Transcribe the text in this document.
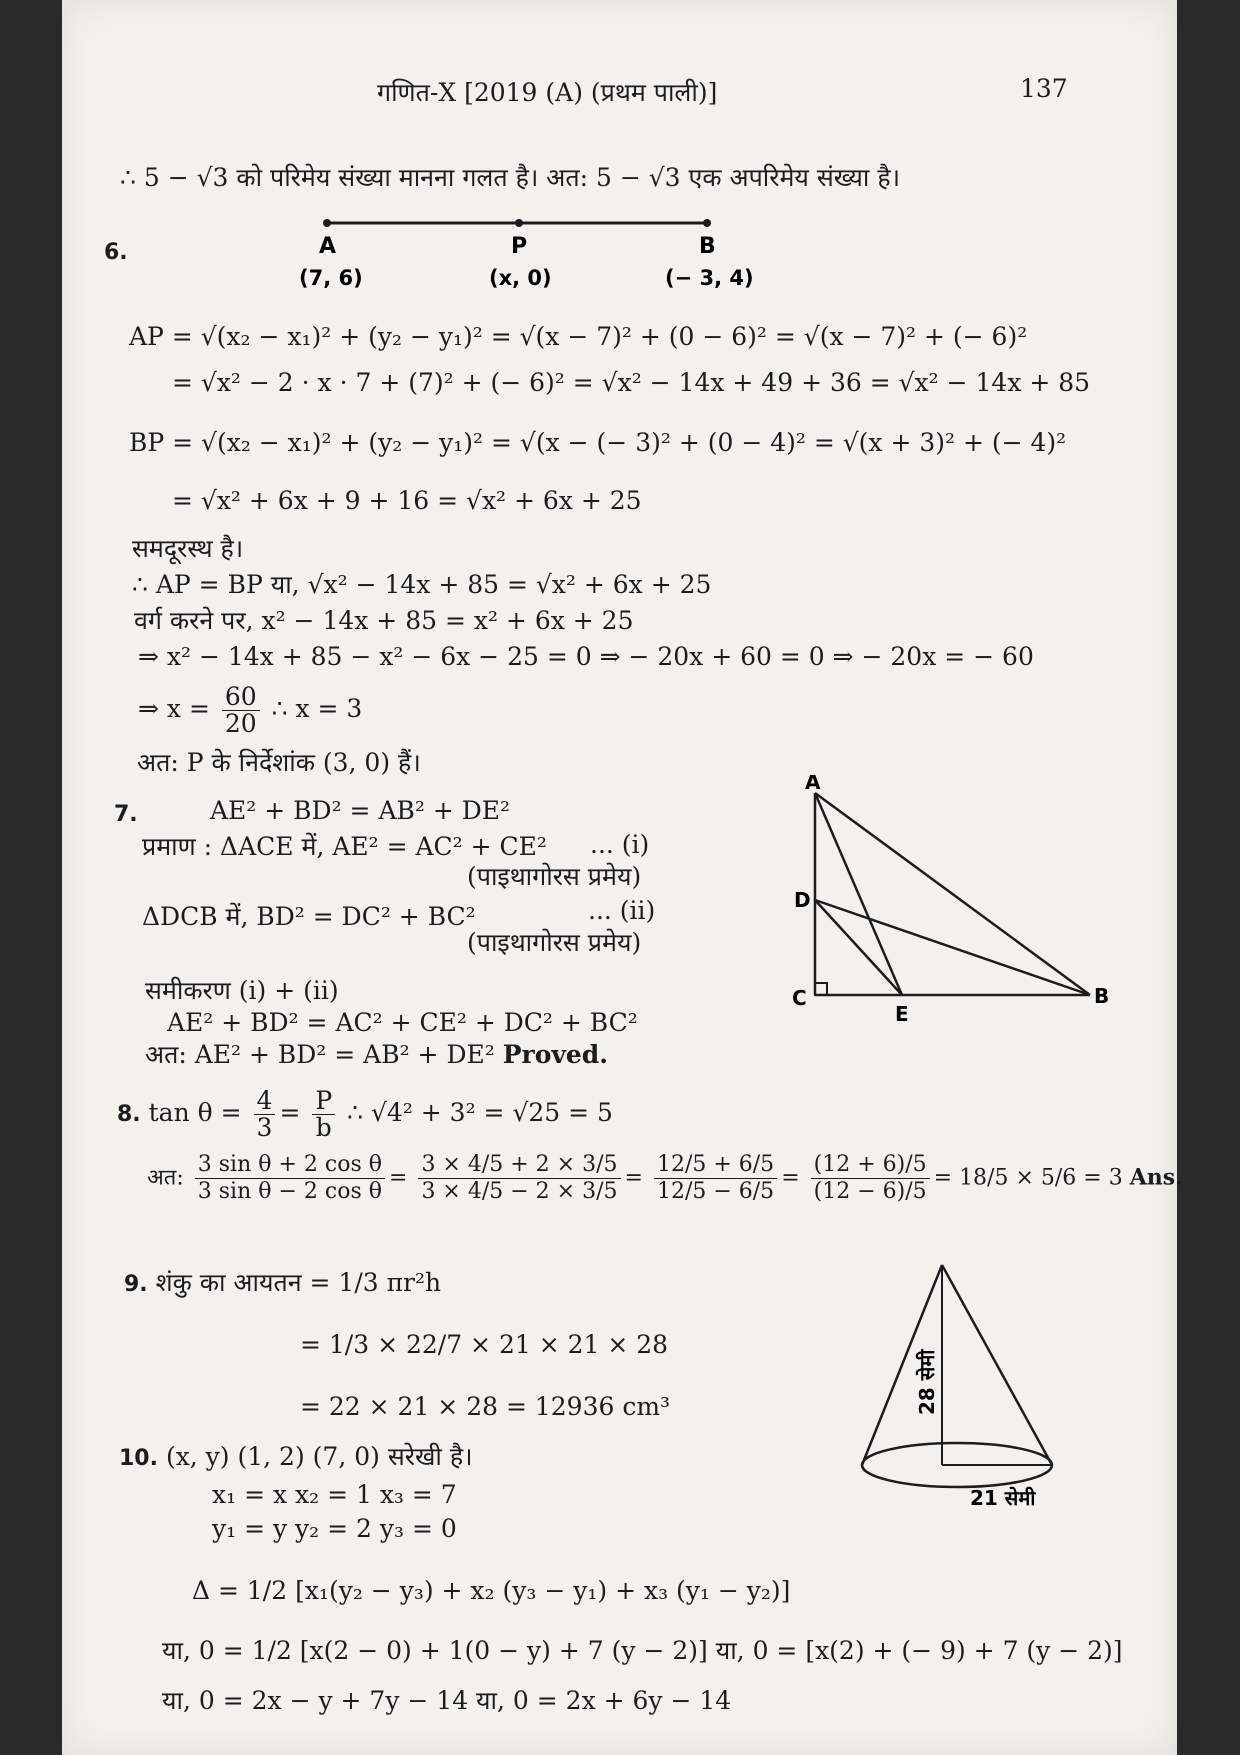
गणित-X [2019 (A) (प्रथम पाली)]	137
∴ 5 − √3 को परिमेय संख्या मानना गलत है। अत: 5 − √3 एक अपरिमेय संख्या है।
6.	A	P	B
(7, 6)	(x, 0)	(− 3, 4)
AP = √(x₂ − x₁)² + (y₂ − y₁)² = √(x − 7)² + (0 − 6)² = √(x − 7)² + (− 6)²
= √x² − 2 · x · 7 + (7)² + (− 6)² = √x² − 14x + 49 + 36 = √x² − 14x + 85
BP = √(x₂ − x₁)² + (y₂ − y₁)² = √(x − (− 3)² + (0 − 4)² = √(x + 3)² + (− 4)²
= √x² + 6x + 9 + 16 = √x² + 6x + 25
समदूरस्थ है।
∴ AP = BP या, √x² − 14x + 85 = √x² + 6x + 25
वर्ग करने पर, x² − 14x + 85 = x² + 6x + 25
⇒ x² − 14x + 85 − x² − 6x − 25 = 0 ⇒ − 20x + 60 = 0 ⇒ − 20x = − 60
⇒ $x = \frac{60}{20}$ ∴ x = 3
अत: P के निर्देशांक (3, 0) हैं।
7.	AE² + BD² = AB² + DE²
प्रमाण : ΔACE में, AE² = AC² + CE² ... (i)
(पाइथागोरस प्रमेय)
ΔDCB में, BD² = DC² + BC²	... (ii)
(पाइथागोरस प्रमेय)
समीकरण (i) + (ii)
AE² + BD² = AC² + CE² + DC² + BC²
अत: AE² + BD² = AB² + DE² Proved.
A
D
C
E
B
8. $\tan \theta = \frac{4}{3} = \frac{P}{b}$ ∴ √4² + 3² = √25 = 5
अत: $\frac{\text{3 sin θ + 2 cos θ}}{\text{3 sin θ − 2 cos θ}} = \frac{3 \times 4/5 + 2 \times 3/5}{3 \times 4/5 - 2 \times 3/5} = \frac{12/5 + 6/5}{12/5 - 6/5} = \frac{(12 + 6)/5}{(12 - 6)/5} = 18/5 \times 5/6 = 3$ Ans.
9. शंकु का आयतन = 1/3 πr²h
= 1/3 × 22/7 × 21 × 21 × 28
= 22 × 21 × 28 = 12936 cm³	28 सेमी
21 सेमी
10. (x, y) (1, 2) (7, 0) सरेखी है।
x₁ = x x₂ = 1 x₃ = 7
y₁ = y y₂ = 2 y₃ = 0
Δ = 1/2 [x₁(y₂ − y₃) + x₂ (y₃ − y₁) + x₃ (y₁ − y₂)]
या, 0 = 1/2 [x(2 − 0) + 1(0 − y) + 7 (y − 2)] या, 0 = [x(2) + (− 9) + 7 (y − 2)]
या, 0 = 2x − y + 7y − 14 या, 0 = 2x + 6y − 14
